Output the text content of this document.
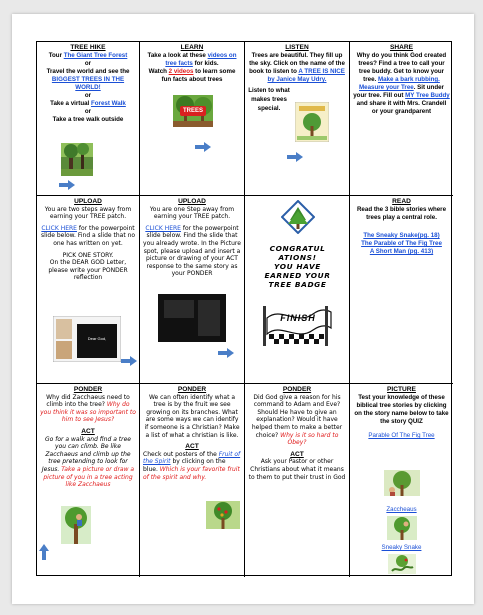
TREE HIKE
Tour The Giant Tree Forest
or
Travel the world and see the BIGGEST TREES IN THE WORLD!
or
Take a virtual Forest Walk
or
Take a tree walk outside
LEARN
Take a look at these videos on tree facts for kids.
Watch 2 videos to learn some fun facts about trees
TREES
LISTEN
Trees are beautiful. They fill up the sky. Click on the name of the book to listen to A TREE IS NICE by Janice May Udry.
Listen to what makes trees special.
SHARE
Why do you think God created trees? Find a tree to call your tree buddy. Get to know your tree. Make a bark rubbing. Measure your Tree. Sit under your tree. Fill out MY Tree Buddy and share it with Mrs. Crandell or your grandparent
UPLOAD
You are two steps away from earning your TREE patch.
CLICK HERE for the powerpoint slide below. Find a slide that no one has written on yet.
PICK ONE STORY.
On the DEAR GOD Letter, please write your PONDER reflection
Dear God,
UPLOAD
You are one Step away from earning your TREE patch.
CLICK HERE for the powerpoint slide below. Find the slide that you already wrote. In the Picture spot, please upload and insert a picture or drawing of your ACT response to the same story as your PONDER
CONGRATUL
ATIONS!
YOU HAVE
EARNED YOUR
TREE BADGE
FINISH
READ
Read the 3 bible stories where trees play a central role.
The Sneaky Snake(pg. 18)
The Parable of The Fig Tree
A Short Man (pg. 413)
PONDER
Why did Zacchaeus need to climb into the tree? Why do you think it was so important to him to see Jesus?
ACT
Go for a walk and find a tree you can climb. Be like Zacchaeus and climb up the tree pretending to look for Jesus. Take a picture or draw a picture of you in a tree acting like Zacchaeus
PONDER
We can often identify what a tree is by the fruit we see growing on its branches. What are some ways we can identify if someone is a Christian? Make a list of what a christian is like.
ACT
Check out posters of the Fruit of the Spirit by clicking on the blue. Which is your favorite fruit of the spirit and why.
PONDER
Did God give a reason for his command to Adam and Eve? Should He have to give an explanation? Would it have helped them to make a better choice? Why is it so hard to Obey?
ACT
Ask your Pastor or other Christians about what it means to them to put their trust in God
PICTURE
Test your knowledge of these biblical tree stories by clicking on the story name below to take the story QUIZ
Parable Of The Fig Tree
Zaccheaus
Sneaky Snake
